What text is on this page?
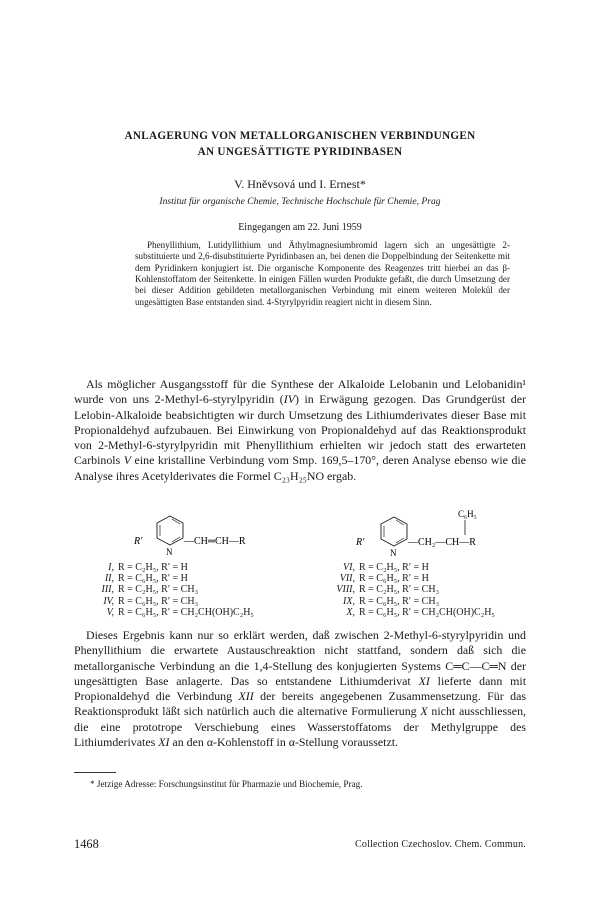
ANLAGERUNG VON METALLORGANISCHEN VERBINDUNGEN
AN UNGESÄTTIGTE PYRIDINBASEN
V. Hněvsová und I. Ernest*
Institut für organische Chemie, Technische Hochschule für Chemie, Prag
Eingegangen am 22. Juni 1959

Phenyllithium, Lutidyllithium und Äthylmagnesiumbromid lagern sich an ungesättigte 2-substituierte und 2,6-disubstituierte Pyridinbasen an, bei denen die Doppelbindung der Seitenkette mit dem Pyridinkern konjugiert ist. Die organische Komponente des Reagenzes tritt hierbei an das β-Kohlenstoffatom der Seitenkette. In einigen Fällen wurden Produkte gefaßt, die durch Umsetzung der bei dieser Addition gebildeten metallorganischen Verbindung mit einem weiteren Molekül der ungesättigten Base entstanden sind. 4-Styrylpyridin reagiert nicht in diesem Sinn.

Als möglicher Ausgangsstoff für die Synthese der Alkaloide Lelobanin und Lelobanidin¹ wurde von uns 2-Methyl-6-styrylpyridin (IV) in Erwägung gezogen. Das Grundgerüst der Lelobin-Alkaloide beabsichtigten wir durch Umsetzung des Lithiumderivates dieser Base mit Propionaldehyd aufzubauen. Bei Einwirkung von Propionaldehyd auf das Reaktionsprodukt von 2-Methyl-6-styrylpyridin mit Phenyllithium erhielten wir jedoch statt des erwarteten Carbinols V eine kristalline Verbindung vom Smp. 169,5–170°, deren Analyse ebenso wie die Analyse ihres Acetylderivates die Formel C₂₃H₂₅NO ergab.

R′
N
—CH═CH—R	R′
N
—CH₂—CH—R
C₆H₅
I, R = C₂H₅, R′ = H
II, R = C₆H₅, R′ = H
III, R = C₂H₅, R′ = CH₃
IV, R = C₆H₅, R′ = CH₃
V, R = C₆H₅, R′ = CH₂CH(OH)C₂H₅
VI, R = C₂H₅, R′ = H
VII, R = C₆H₅, R′ = H
VIII, R = C₂H₅, R′ = CH₃
IX, R = C₆H₅, R′ = CH₃
X, R = C₆H₅, R′ = CH₂CH(OH)C₂H₅

Dieses Ergebnis kann nur so erklärt werden, daß zwischen 2-Methyl-6-styrylpyridin und Phenyllithium die erwartete Austauschreaktion nicht stattfand, sondern daß sich die metallorganische Verbindung an die 1,4-Stellung des konjugierten Systems C═C—C═N der ungesättigten Base anlagerte. Das so entstandene Lithiumderivat XI lieferte dann mit Propionaldehyd die Verbindung XII der bereits angegebenen Zusammensetzung. Für das Reaktionsprodukt läßt sich natürlich auch die alternative Formulierung X nicht ausschliessen, die eine prototrope Verschiebung eines Wasserstoffatoms der Methylgruppe des Lithiumderivates XI an den α-Kohlenstoff in α-Stellung voraussetzt.

* Jetzige Adresse: Forschungsinstitut für Pharmazie und Biochemie, Prag.
1468	Collection Czechoslov. Chem. Commun.
